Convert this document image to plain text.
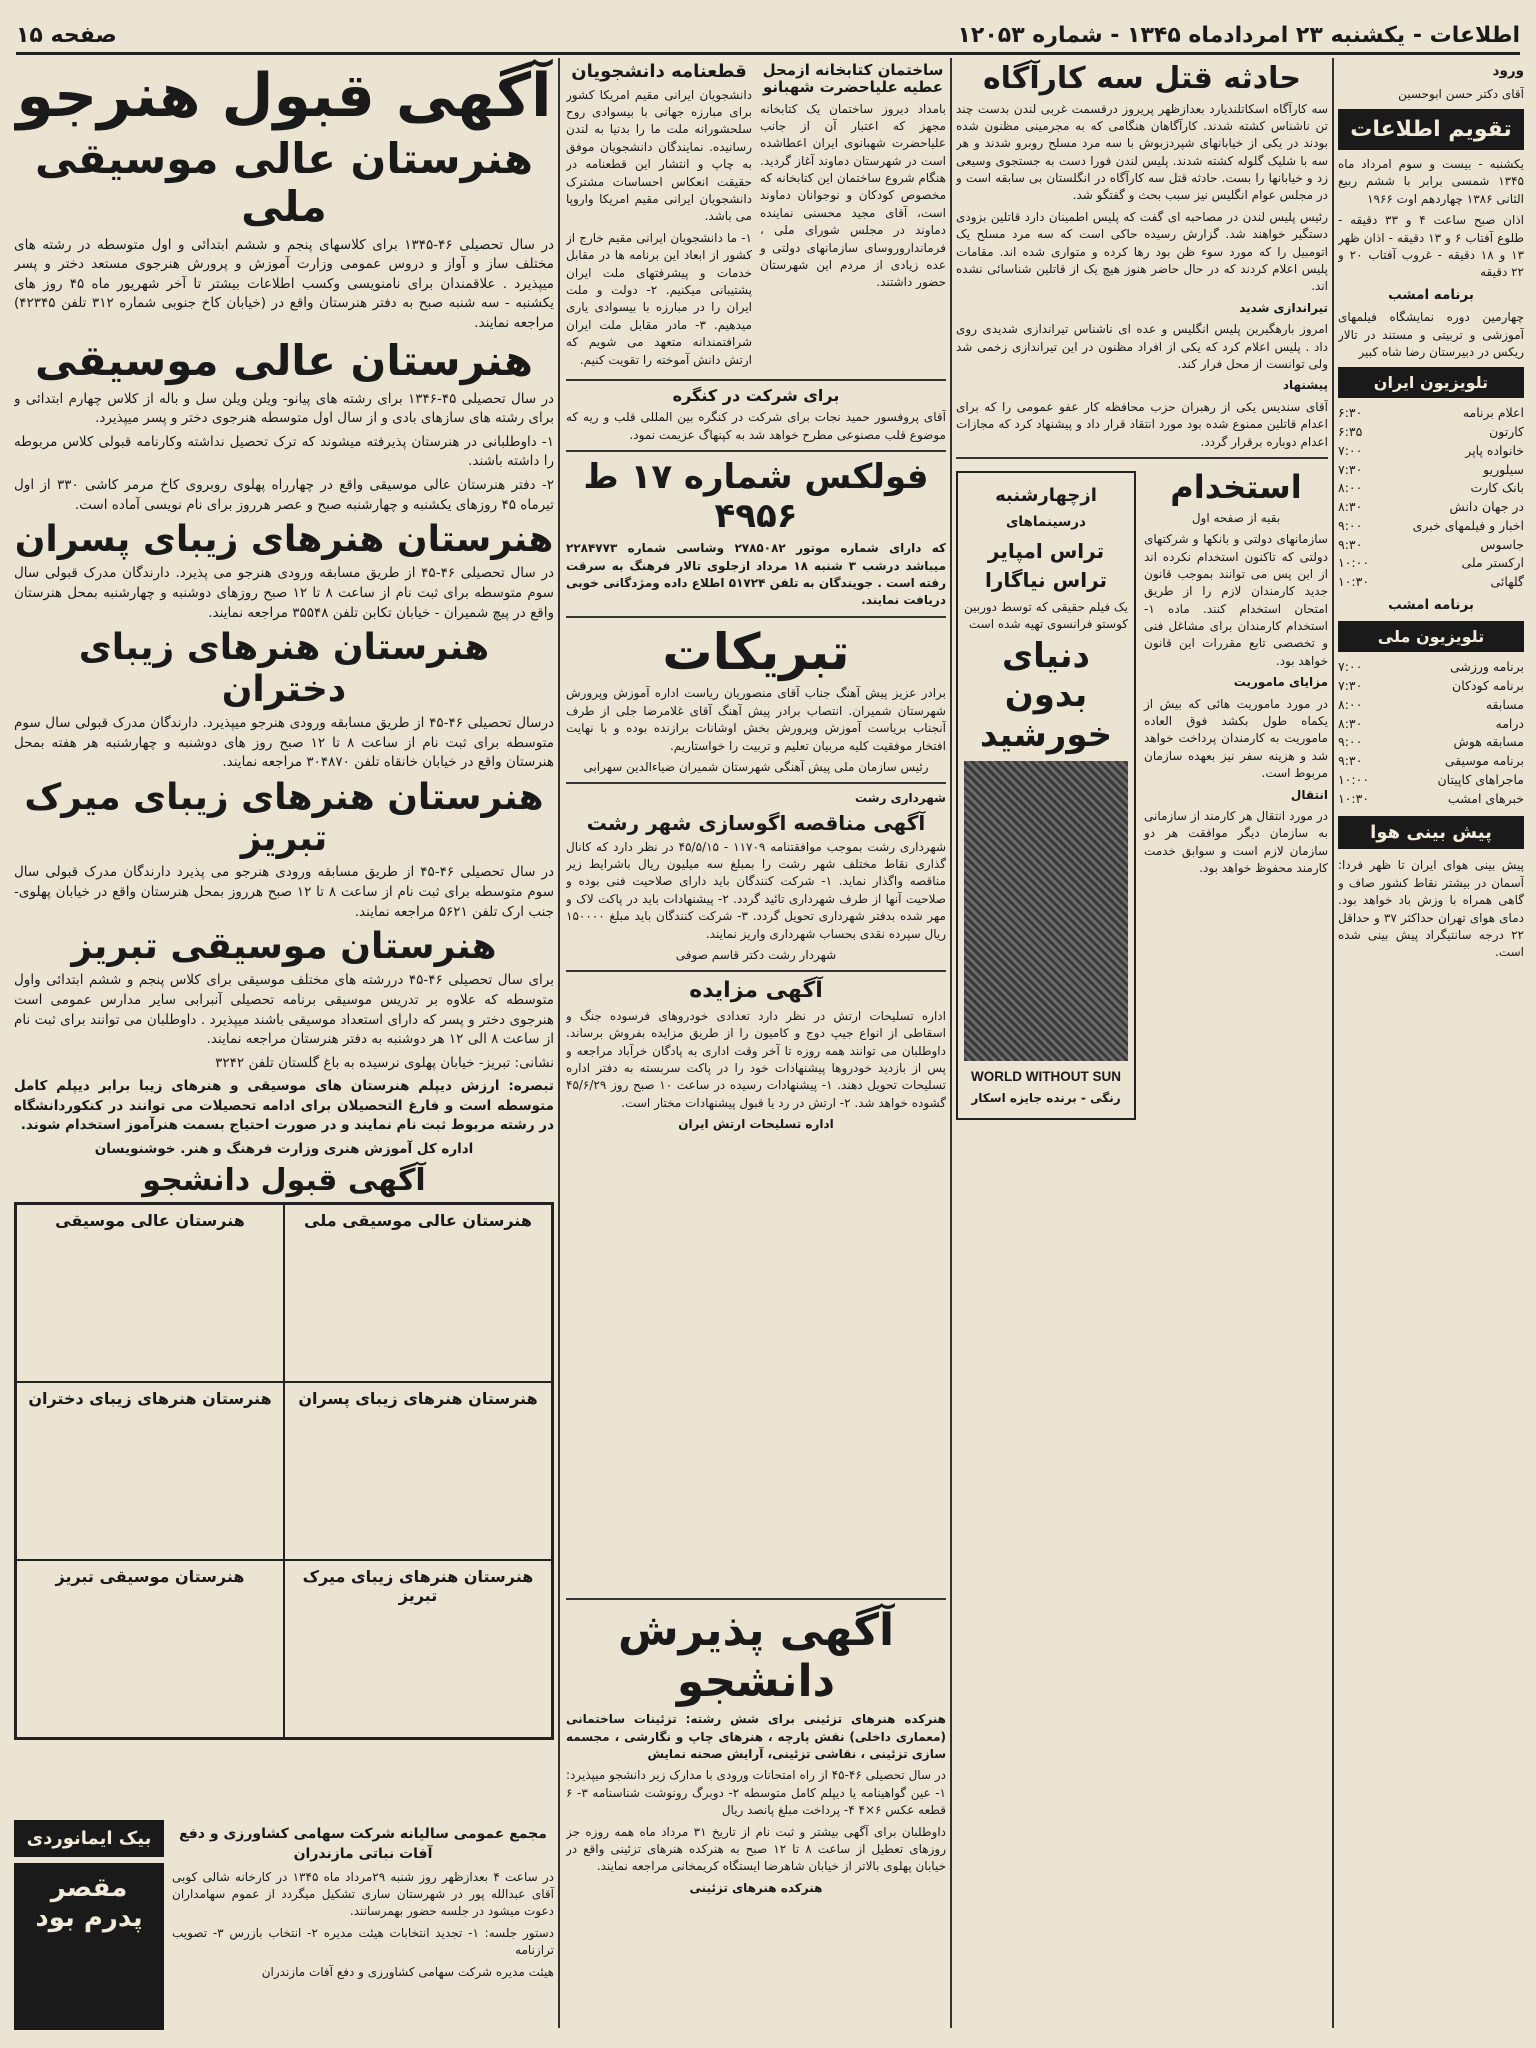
اطلاعات - یکشنبه ۲۳ امردادماه ۱۳۴۵ - شماره ۱۲۰۵۳
صفحه ۱۵
آگهی قبول هنرجو
هنرستان عالی موسیقی ملی

در سال تحصیلی ۴۶-۱۳۴۵ برای کلاسهای پنجم و ششم ابتدائی و اول متوسطه در رشته های مختلف ساز و آواز و دروس عمومی وزارت آموزش و پرورش هنرجوی مستعد دختر و پسر میپذیرد . علاقمندان برای نامنویسی وکسب اطلاعات بیشتر تا آخر شهریور ماه ۴۵ روز های یکشنبه - سه شنبه صبح به دفتر هنرستان واقع در (خیابان کاخ جنوبی شماره ۳۱۲ تلفن ۴۲۳۴۵) مراجعه نمایند.

هنرستان عالی موسیقی

در سال تحصیلی ۴۵-۱۳۴۶ برای رشته های پیانو- ویلن ویلن سل و باله از کلاس چهارم ابتدائی و برای رشته های سازهای بادی و از سال اول متوسطه هنرجوی دختر و پسر میپذیرد.

۱- داوطلبانی در هنرستان پذیرفته میشوند که ترک تحصیل نداشته وکارنامه قبولی کلاس مربوطه را داشته باشند.

۲- دفتر هنرستان عالی موسیقی واقع در چهارراه پهلوی روبروی کاخ مرمر کاشی ۳۳۰ از اول تیرماه ۴۵ روزهای یکشنبه و چهارشنبه صبح و عصر هرروز برای نام نویسی آماده است.

هنرستان هنرهای زیبای پسران

در سال تحصیلی ۴۶-۴۵ از طریق مسابقه ورودی هنرجو می پذیرد. دارندگان مدرک قبولی سال سوم متوسطه برای ثبت نام از ساعت ۸ تا ۱۲ صبح روزهای دوشنبه و چهارشنبه بمحل هنرستان واقع در پیچ شمیران - خیابان تکابن تلفن ۳۵۵۴۸ مراجعه نمایند.

هنرستان هنرهای زیبای دختران

درسال تحصیلی ۴۶-۴۵ از طریق مسابقه ورودی هنرجو میپذیرد. دارندگان مدرک قبولی سال سوم متوسطه برای ثبت نام از ساعت ۸ تا ۱۲ صبح روز های دوشنبه و چهارشنبه هر هفته بمحل هنرستان واقع در خیابان خانقاه تلفن ۳۰۴۸۷۰ مراجعه نمایند.

هنرستان هنرهای زیبای میرک تبریز

در سال تحصیلی ۴۶-۴۵ از طریق مسابقه ورودی هنرجو می پذیرد دارندگان مدرک قبولی سال سوم متوسطه برای ثبت نام از ساعت ۸ تا ۱۲ صبح هرروز بمحل هنرستان واقع در خیابان پهلوی- جنب ارک تلفن ۵۶۲۱ مراجعه نمایند.

هنرستان موسیقی تبریز

برای سال تحصیلی ۴۶-۴۵ دررشته های مختلف موسیقی برای کلاس پنجم و ششم ابتدائی واول متوسطه که علاوه بر تدریس موسیقی برنامه تحصیلی آنبرابی سایر مدارس عمومی است هنرجوی دختر و پسر که دارای استعداد موسیقی باشند میپذیرد . داوطلبان می توانند برای ثبت نام از ساعت ۸ الی ۱۲ هر دوشنبه به دفتر هنرستان مراجعه نمایند.

نشانی: تبریز- خیابان پهلوی نرسیده به باغ گلستان تلفن ۳۲۴۲

تبصره: ارزش دیپلم هنرستان های موسیقی و هنرهای زیبا برابر دیپلم کامل متوسطه است و فارغ التحصیلان برای ادامه تحصیلات می توانند در کنکوردانشگاه در رشته مربوط ثبت نام نمایند و در صورت احتیاج بسمت هنرآموز استخدام شوند.

اداره کل آموزش هنری وزارت فرهنگ و هنر. خوشنویسان

آگهی قبول دانشجو
هنرستان عالی موسیقی ملی
هنرستان عالی موسیقی
هنرستان هنرهای زیبای پسران
هنرستان هنرهای زیبای دختران
هنرستان هنرهای زیبای میرک تبریز
هنرستان موسیقی تبریز

مجمع عمومی سالیانه شرکت سهامی کشاورزی و دفع آفات نباتی مازندران

در ساعت ۴ بعدازظهر روز شنبه ۲۹مرداد ماه ۱۳۴۵ در کارخانه شالی کوبی آقای عبدالله پور در شهرستان ساری تشکیل میگردد از عموم سهامداران دعوت میشود در جلسه حضور بهمرسانند.

دستور جلسه: ۱- تجدید انتخابات هیئت مدیره ۲- انتخاب بازرس ۳- تصویب ترازنامه

هیئت مدیره شرکت سهامی کشاورزی و دفع آفات مازندران

بیک ایمانوردی
مقصر پدرم بود
ساختمان کتابخانه ازمحل عطیه علیاحضرت شهبانو

بامداد دیروز ساختمان یک کتابخانه مجهز که اعتبار آن از جانب علیاحضرت شهبانوی ایران اعطاشده است در شهرستان دماوند آغاز گردید. هنگام شروع ساختمان این کتابخانه که مخصوص کودکان و نوجوانان دماوند است، آقای مجید محسنی نماینده دماوند در مجلس شورای ملی ، فرمانداروروسای سازمانهای دولتی و عده زیادی از مردم این شهرستان حضور داشتند.

قطعنامه دانشجویان

دانشجویان ایرانی مقیم امریکا کشور برای مبارزه جهانی با بیسوادی روح سلحشورانه ملت ما را بدنیا به لندن رسانیده. نمایندگان دانشجویان موفق به چاپ و انتشار این قطعنامه در حقیقت انعکاس احساسات مشترک دانشجویان ایرانی مقیم امریکا واروپا می باشد.

۱- ما دانشجویان ایرانی مقیم خارج از کشور از ابعاد این برنامه ها در مقابل خدمات و پیشرفتهای ملت ایران پشتیبانی میکنیم. ۲- دولت و ملت ایران را در مبارزه با بیسوادی یاری میدهیم. ۳- مادر مقابل ملت ایران شرافتمندانه متعهد می شویم که ارتش دانش آموخته را تقویت کنیم.

برای شرکت در کنگره

آقای پروفسور حمید نجات برای شرکت در کنگره بین المللی قلب و ریه که موضوع قلب مصنوعی مطرح خواهد شد به کپنهاگ عزیمت نمود.

فولکس شماره ۱۷ ط ۴۹۵۶

که دارای شماره موتور ۲۷۸۵۰۸۲ وشاسی شماره ۲۲۸۴۷۷۳ میباشد درشب ۳ شنبه ۱۸ مرداد ازجلوی تالار فرهنگ به سرقت رفته است . جویندگان به تلفن ۵۱۷۲۴ اطلاع داده ومژدگانی خوبی دریافت نمایند.

تبریکات

برادر عزیز پیش آهنگ جناب آقای منصوریان ریاست اداره آموزش وپرورش شهرستان شمیران. انتصاب برادر پیش آهنگ آقای غلامرضا جلی از طرف آنجناب بریاست آموزش وپرورش بخش اوشانات برازنده بوده و با نهایت افتخار موفقیت کلیه مربیان تعلیم و تربیت را خواستاریم.

رئیس سازمان ملی پیش آهنگی شهرستان شمیران ضیاءالدین سهرابی

شهرداری رشت

آگهی مناقصه اگوسازی شهر رشت

شهرداری رشت بموجب موافقتنامه ۱۱۷۰۹ - ۴۵/۵/۱۵ در نظر دارد که کانال گذاری نقاط مختلف شهر رشت را بمبلغ سه میلیون ریال باشرایط زیر مناقصه واگذار نماید. ۱- شرکت کنندگان باید دارای صلاحیت فنی بوده و صلاحیت آنها از طرف شهرداری تائید گردد. ۲- پیشنهادات باید در پاکت لاک و مهر شده بدفتر شهرداری تحویل گردد. ۳- شرکت کنندگان باید مبلغ ۱۵۰۰۰۰ ریال سپرده نقدی بحساب شهرداری واریز نمایند.

شهردار رشت دکتر قاسم صوفی

آگهی مزایده

اداره تسلیحات ارتش در نظر دارد تعدادی خودروهای فرسوده جنگ و اسقاطی از انواع جیپ دوج و کامیون را از طریق مزایده بفروش برساند. داوطلبان می توانند همه روزه تا آخر وقت اداری به پادگان خرآباد مراجعه و پس از بازدید خودروها پیشنهادات خود را در پاکت سربسته به دفتر اداره تسلیحات تحویل دهند. ۱- پیشنهادات رسیده در ساعت ۱۰ صبح روز ۴۵/۶/۲۹ گشوده خواهد شد. ۲- ارتش در رد یا قبول پیشنهادات مختار است.

اداره تسلیحات ارتش ایران

آگهی پذیرش دانشجو

هنرکده هنرهای تزئینی برای شش رشته: تزئینات ساختمانی (معماری داخلی) نقش پارچه ، هنرهای چاپ و نگارشی ، مجسمه سازی تزئینی ، نقاشی تزئینی، آرایش صحنه نمایش

در سال تحصیلی ۴۶-۴۵ از راه امتحانات ورودی با مدارک زیر دانشجو میپذیرد: ۱- عین گواهینامه یا دیپلم کامل متوسطه ۲- دوبرگ رونوشت شناسنامه ۳- ۶ قطعه عکس ۶×۴ ۴- پرداخت مبلغ پانصد ریال

داوطلبان برای آگهی بیشتر و ثبت نام از تاریخ ۳۱ مرداد ماه همه روزه جز روزهای تعطیل از ساعت ۸ تا ۱۲ صبح به هنرکده هنرهای تزئینی واقع در خیابان پهلوی بالاتر از خیابان شاهرضا ایستگاه کریمخانی مراجعه نمایند.

هنرکده هنرهای تزئینی

حادثه قتل سه کارآگاه

سه کارآگاه اسکاتلندیارد بعدازظهر پریروز درقسمت غربی لندن بدست چند تن ناشناس کشته شدند. کارآگاهان هنگامی که به مجرمینی مظنون شده بودند در یکی از خیابانهای شپردزبوش با سه مرد مسلح روبرو شدند و هر سه با شلیک گلوله کشته شدند. پلیس لندن فورا دست به جستجوی وسیعی زد و خیابانها را بست. حادثه قتل سه کارآگاه در انگلستان بی سابقه است و در مجلس عوام انگلیس نیز سبب بحث و گفتگو شد.

رئیس پلیس لندن در مصاحبه ای گفت که پلیس اطمینان دارد قاتلین بزودی دستگیر خواهند شد. گزارش رسیده حاکی است که سه مرد مسلح یک اتومبیل را که مورد سوء ظن بود رها کرده و متواری شده اند. مقامات پلیس اعلام کردند که در حال حاضر هنوز هیچ یک از قاتلین شناسائی نشده اند.

تیراندازی شدید

امروز بارهگیرین پلیس انگلیس و عده ای ناشناس تیراندازی شدیدی روی داد . پلیس اعلام کرد که یکی از افراد مظنون در این تیراندازی زخمی شد ولی توانست از محل فرار کند.

پیشنهاد

آقای سندیس یکی از رهبران حزب محافظه کار عفو عمومی را که برای اعدام قاتلین ممنوع شده بود مورد انتقاد قرار داد و پیشنهاد کرد که مجازات اعدام دوباره برقرار گردد.

استخدام

بقیه از صفحه اول

سازمانهای دولتی و بانکها و شرکتهای دولتی که تاکنون استخدام نکرده اند از این پس می توانند بموجب قانون جدید کارمندان لازم را از طریق امتحان استخدام کنند. ماده ۱- استخدام کارمندان برای مشاغل فنی و تخصصی تابع مقررات این قانون خواهد بود.

مزایای ماموریت

در مورد ماموریت هائی که بیش از یکماه طول بکشد فوق العاده ماموریت به کارمندان پرداخت خواهد شد و هزینه سفر نیز بعهده سازمان مربوط است.

انتقال

در مورد انتقال هر کارمند از سازمانی به سازمان دیگر موافقت هر دو سازمان لازم است و سوابق خدمت کارمند محفوظ خواهد بود.

ازچهارشنبه

درسینماهای

تراس امپایر
تراس نیاگارا

یک فیلم حقیقی که توسط دوربین کوستو فرانسوی تهیه شده است

دنیای بدون خورشید

WORLD WITHOUT SUN

رنگی - برنده جایزه اسکار

ورود

آقای دکتر حسن ابوحسین

تقویم اطلاعات

یکشنبه - بیست و سوم امرداد ماه ۱۳۴۵ شمسی برابر با ششم ربیع الثانی ۱۳۸۶ چهاردهم اوت ۱۹۶۶

اذان صبح ساعت ۴ و ۳۳ دقیقه - طلوع آفتاب ۶ و ۱۳ دقیقه - اذان ظهر ۱۳ و ۱۸ دقیقه - غروب آفتاب ۲۰ و ۲۲ دقیقه

برنامه امشب

چهارمین دوره نمایشگاه فیلمهای آموزشی و تربیتی و مستند در تالار ریکس در دبیرستان رضا شاه کبیر

تلویزیون ایران
اعلام برنامه
۶:۳۰
کارتون
۶:۳۵
خانواده پاپر
۷:۰۰
سیلوریو
۷:۳۰
بانک کارت
۸:۰۰
در جهان دانش
۸:۳۰
اخبار و فیلمهای خبری
۹:۰۰
جاسوس
۹:۳۰
ارکستر ملی
۱۰:۰۰
گلهائی
۱۰:۳۰

برنامه امشب

تلویزیون ملی
برنامه ورزشی
۷:۰۰
برنامه کودکان
۷:۳۰
مسابقه
۸:۰۰
درامه
۸:۳۰
مسابقه هوش
۹:۰۰
برنامه موسیقی
۹:۳۰
ماجراهای کاپیتان
۱۰:۰۰
خبرهای امشب
۱۰:۳۰
پیش بینی هوا

پیش بینی هوای ایران تا ظهر فردا: آسمان در بیشتر نقاط کشور صاف و گاهی همراه با وزش باد خواهد بود. دمای هوای تهران حداکثر ۳۷ و حداقل ۲۲ درجه سانتیگراد پیش بینی شده است.
